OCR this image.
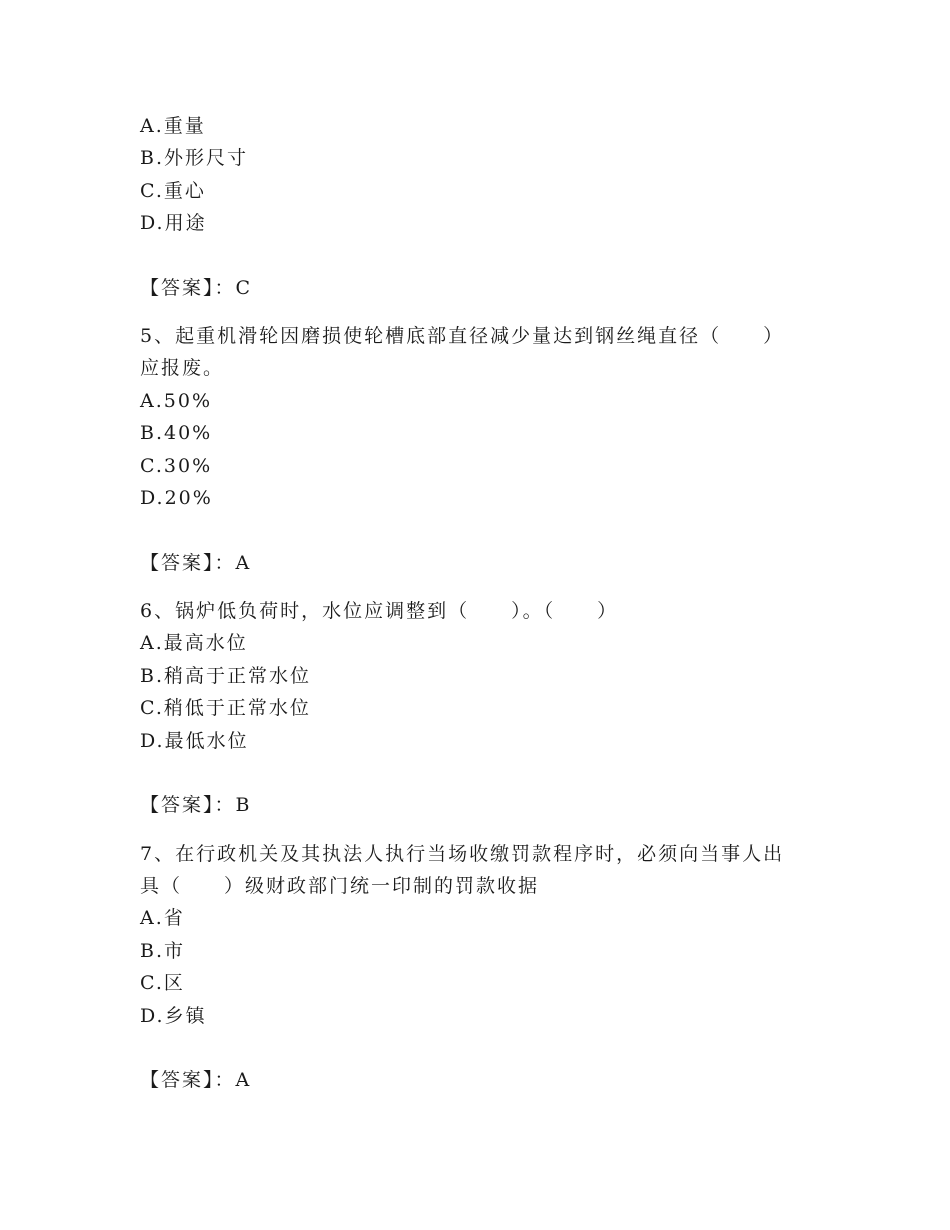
A.重量
B.外形尺寸
C.重心
D.用途
【答案】：C
5、起重机滑轮因磨损使轮槽底部直径减少量达到钢丝绳直径（　　）
应报废。
A.50%
B.40%
C.30%
D.20%
【答案】：A
6、锅炉低负荷时，水位应调整到（　　）。（　　）
A.最高水位
B.稍高于正常水位
C.稍低于正常水位
D.最低水位
【答案】：B
7、在行政机关及其执法人执行当场收缴罚款程序时，必须向当事人出
具（　　）级财政部门统一印制的罚款收据
A.省
B.市
C.区
D.乡镇
【答案】：A
